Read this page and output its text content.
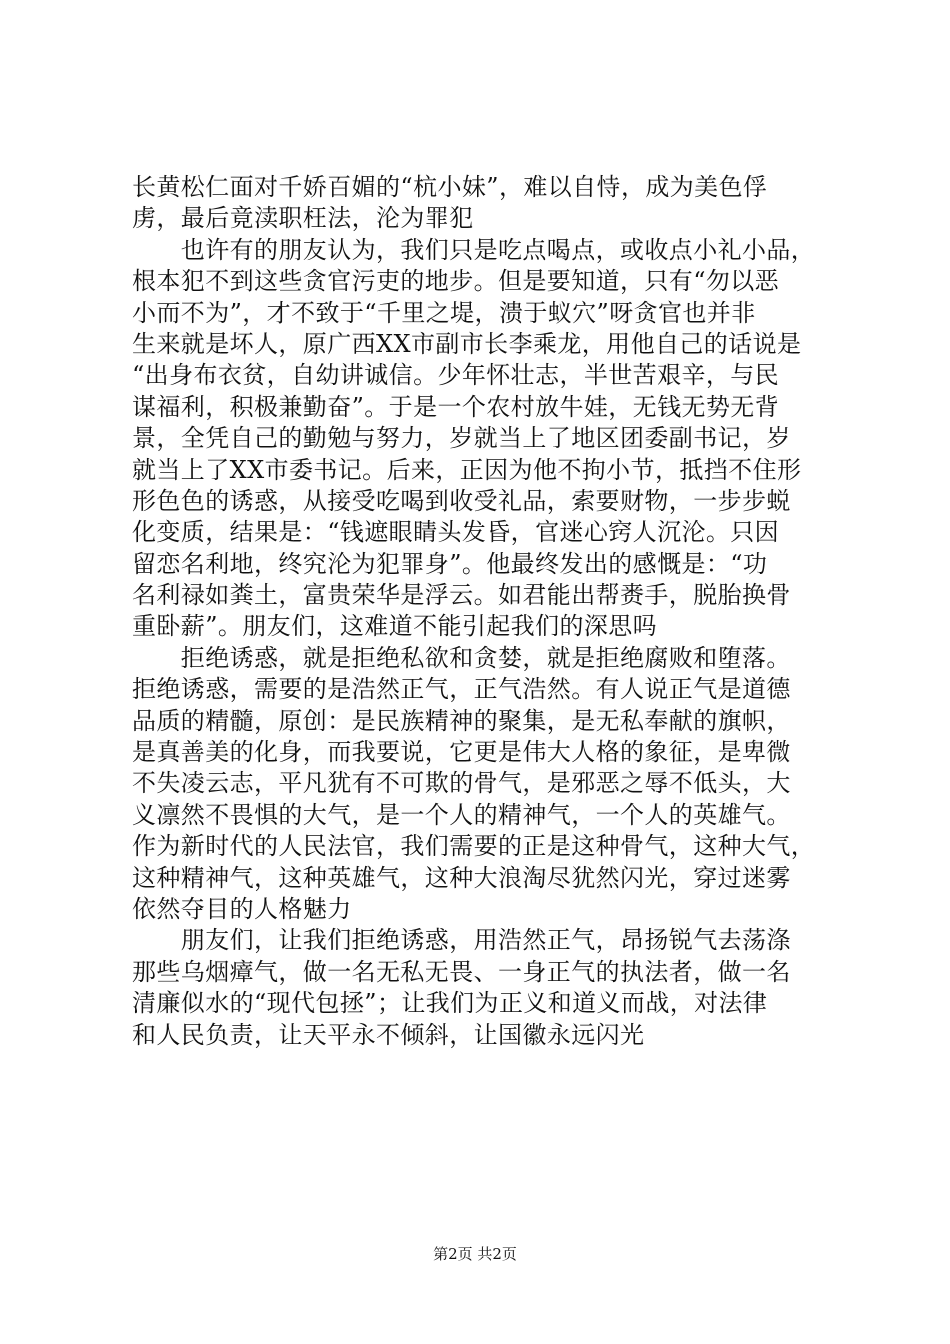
长黄松仁面对千娇百媚的“杭小妹”，难以自恃，成为美色俘
虏，最后竟渎职枉法，沦为罪犯
　　也许有的朋友认为，我们只是吃点喝点，或收点小礼小品，
根本犯不到这些贪官污吏的地步。但是要知道，只有“勿以恶
小而不为”，才不致于“千里之堤，溃于蚁穴”呀贪官也并非
生来就是坏人，原广西XX市副市长李乘龙，用他自己的话说是
“出身布衣贫，自幼讲诚信。少年怀壮志，半世苦艰辛，与民
谋福利，积极兼勤奋”。于是一个农村放牛娃，无钱无势无背
景，全凭自己的勤勉与努力，岁就当上了地区团委副书记，岁
就当上了XX市委书记。后来，正因为他不拘小节，抵挡不住形
形色色的诱惑，从接受吃喝到收受礼品，索要财物，一步步蜕
化变质，结果是：“钱遮眼睛头发昏，官迷心窍人沉沦。只因
留恋名利地，终究沦为犯罪身”。他最终发出的感慨是：“功
名利禄如粪土，富贵荣华是浮云。如君能出帮赉手，脱胎换骨
重卧薪”。朋友们，这难道不能引起我们的深思吗
　　拒绝诱惑，就是拒绝私欲和贪婪，就是拒绝腐败和堕落。
拒绝诱惑，需要的是浩然正气，正气浩然。有人说正气是道德
品质的精髓，原创：是民族精神的聚集，是无私奉献的旗帜，
是真善美的化身，而我要说，它更是伟大人格的象征，是卑微
不失凌云志，平凡犹有不可欺的骨气，是邪恶之辱不低头，大
义凛然不畏惧的大气，是一个人的精神气，一个人的英雄气。
作为新时代的人民法官，我们需要的正是这种骨气，这种大气，
这种精神气，这种英雄气，这种大浪淘尽犹然闪光，穿过迷雾
依然夺目的人格魅力
　　朋友们，让我们拒绝诱惑，用浩然正气，昂扬锐气去荡涤
那些乌烟瘴气，做一名无私无畏、一身正气的执法者，做一名
清廉似水的“现代包拯”；让我们为正义和道义而战，对法律
和人民负责，让天平永不倾斜，让国徽永远闪光
第2页 共2页
